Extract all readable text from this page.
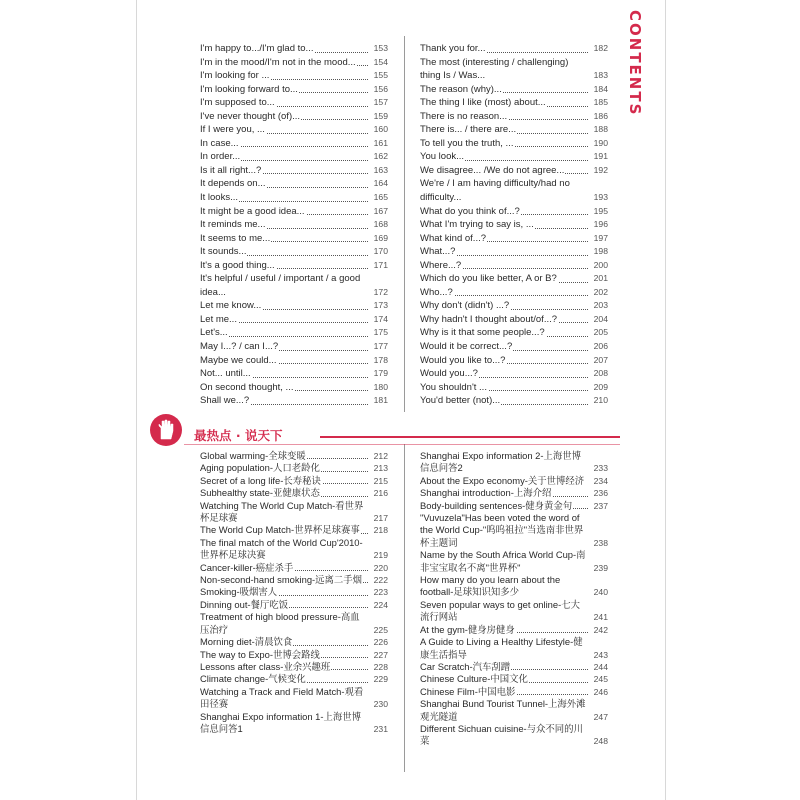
CONTENTS
I'm happy to.../I'm glad to...	153
I'm in the mood/I'm not in the mood... 154
I'm looking for ...	155
I'm looking forward to...	156
I'm supposed to...	157
I've never thought (of)...	159
If I were you, ...	160
In case...	161
In order...	162
Is it all right...?	163
It depends on...	164
It looks...	165
It might be a good idea...	167
It reminds me...	168
It seems to me...	169
It sounds...	170
It's a good thing...	171
It's helpful / useful / important / a good idea...	172
Let me know...	173
Let me...	174
Let's...	175
May I...? / can I...?	177
Maybe we could...	178
Not... until...	179
On second thought, ...	180
Shall we...?	181
Thank you for...	182
The most (interesting / challenging) thing Is / Was...	183
The reason (why)...	184
The thing I like (most) about...	185
There is no reason...	186
There is... / there are...	188
To tell you the truth, ...	190
You look...	191
We disagree... /We do not agree...	192
We're / I am having difficulty/had no difficulty...	193
What do you think of...?	195
What I'm trying to say is, ...	196
What kind of...?	197
What...?	198
Where...?	200
Which do you like better, A or B?	201
Who...?	202
Why don't (didn't) ...?	203
Why hadn't I thought about/of...?	204
Why is it that some people...?	205
Would it be correct...?	206
Would you like to...?	207
Would you...?	208
You shouldn't ...	209
You'd better (not)...	210
最热点 · 说天下
Global warming-全球变暖	212
Aging population-人口老龄化	213
Secret of a long life-长寿秘诀	215
Subhealthy state-亚健康状态	216
Watching The World Cup Match-看世界杯足球赛	217
The World Cup Match-世界杯足球赛事 218
The final match of the World Cup'2010-世界杯足球决赛	219
Cancer-killer-癌症杀手	220
Non-second-hand smoking-远离二手烟 222
Smoking-吸烟害人	223
Dinning out-餐厅吃饭	224
Treatment of high blood pressure-高血压治疗	225
Morning diet-清晨饮食	226
The way to Expo-世博会路线	227
Lessons after class-业余兴趣班	228
Climate change-气候变化	229
Watching a Track and Field Match-观看田径赛	230
Shanghai Expo information 1-上海世博信息问答1	231
Shanghai Expo information 2-上海世博信息问答2	233
About the Expo economy-关于世博经济 234
Shanghai introduction-上海介绍	236
Body-building sentences-健身黄金句	237
"Vuvuzela"Has been voted the word of the World Cup-"呜呜祖拉"当选南非世界杯主题词	238
Name by the South Africa World Cup-南非宝宝取名不离"世界杯"	239
How many do you learn about the football-足球知识知多少	240
Seven popular ways to get online-七大流行网站	241
At the gym-健身房健身	242
A Guide to Living a Healthy Lifestyle-健康生活指导	243
Car Scratch-汽车刮蹭	244
Chinese Culture-中国文化	245
Chinese Film-中国电影	246
Shanghai Bund Tourist Tunnel-上海外滩观光隧道	247
Different Sichuan cuisine-与众不同的川菜	248
